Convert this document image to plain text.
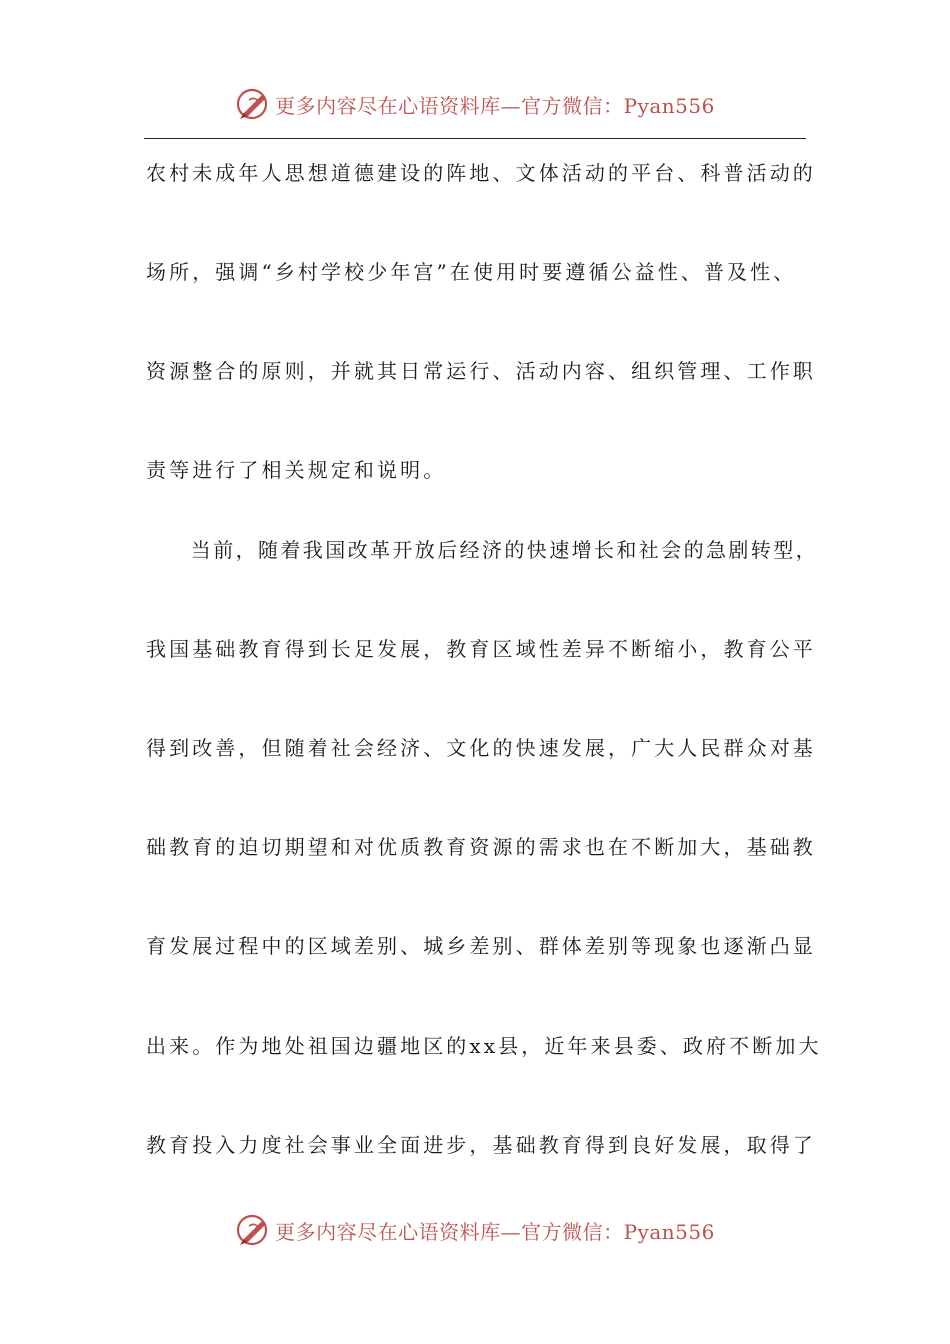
更多内容尽在心语资料库—官方微信：Pyan556
农村未成年人思想道德建设的阵地、文体活动的平台、科普活动的
场所，强调“乡村学校少年宫”在使用时要遵循公益性、普及性、
资源整合的原则，并就其日常运行、活动内容、组织管理、工作职
责等进行了相关规定和说明。
　　当前，随着我国改革开放后经济的快速增长和社会的急剧转型，
我国基础教育得到长足发展，教育区域性差异不断缩小，教育公平
得到改善，但随着社会经济、文化的快速发展，广大人民群众对基
础教育的迫切期望和对优质教育资源的需求也在不断加大，基础教
育发展过程中的区域差别、城乡差别、群体差别等现象也逐渐凸显
出来。作为地处祖国边疆地区的xx县，近年来县委、政府不断加大
教育投入力度社会事业全面进步，基础教育得到良好发展，取得了
更多内容尽在心语资料库—官方微信：Pyan556
